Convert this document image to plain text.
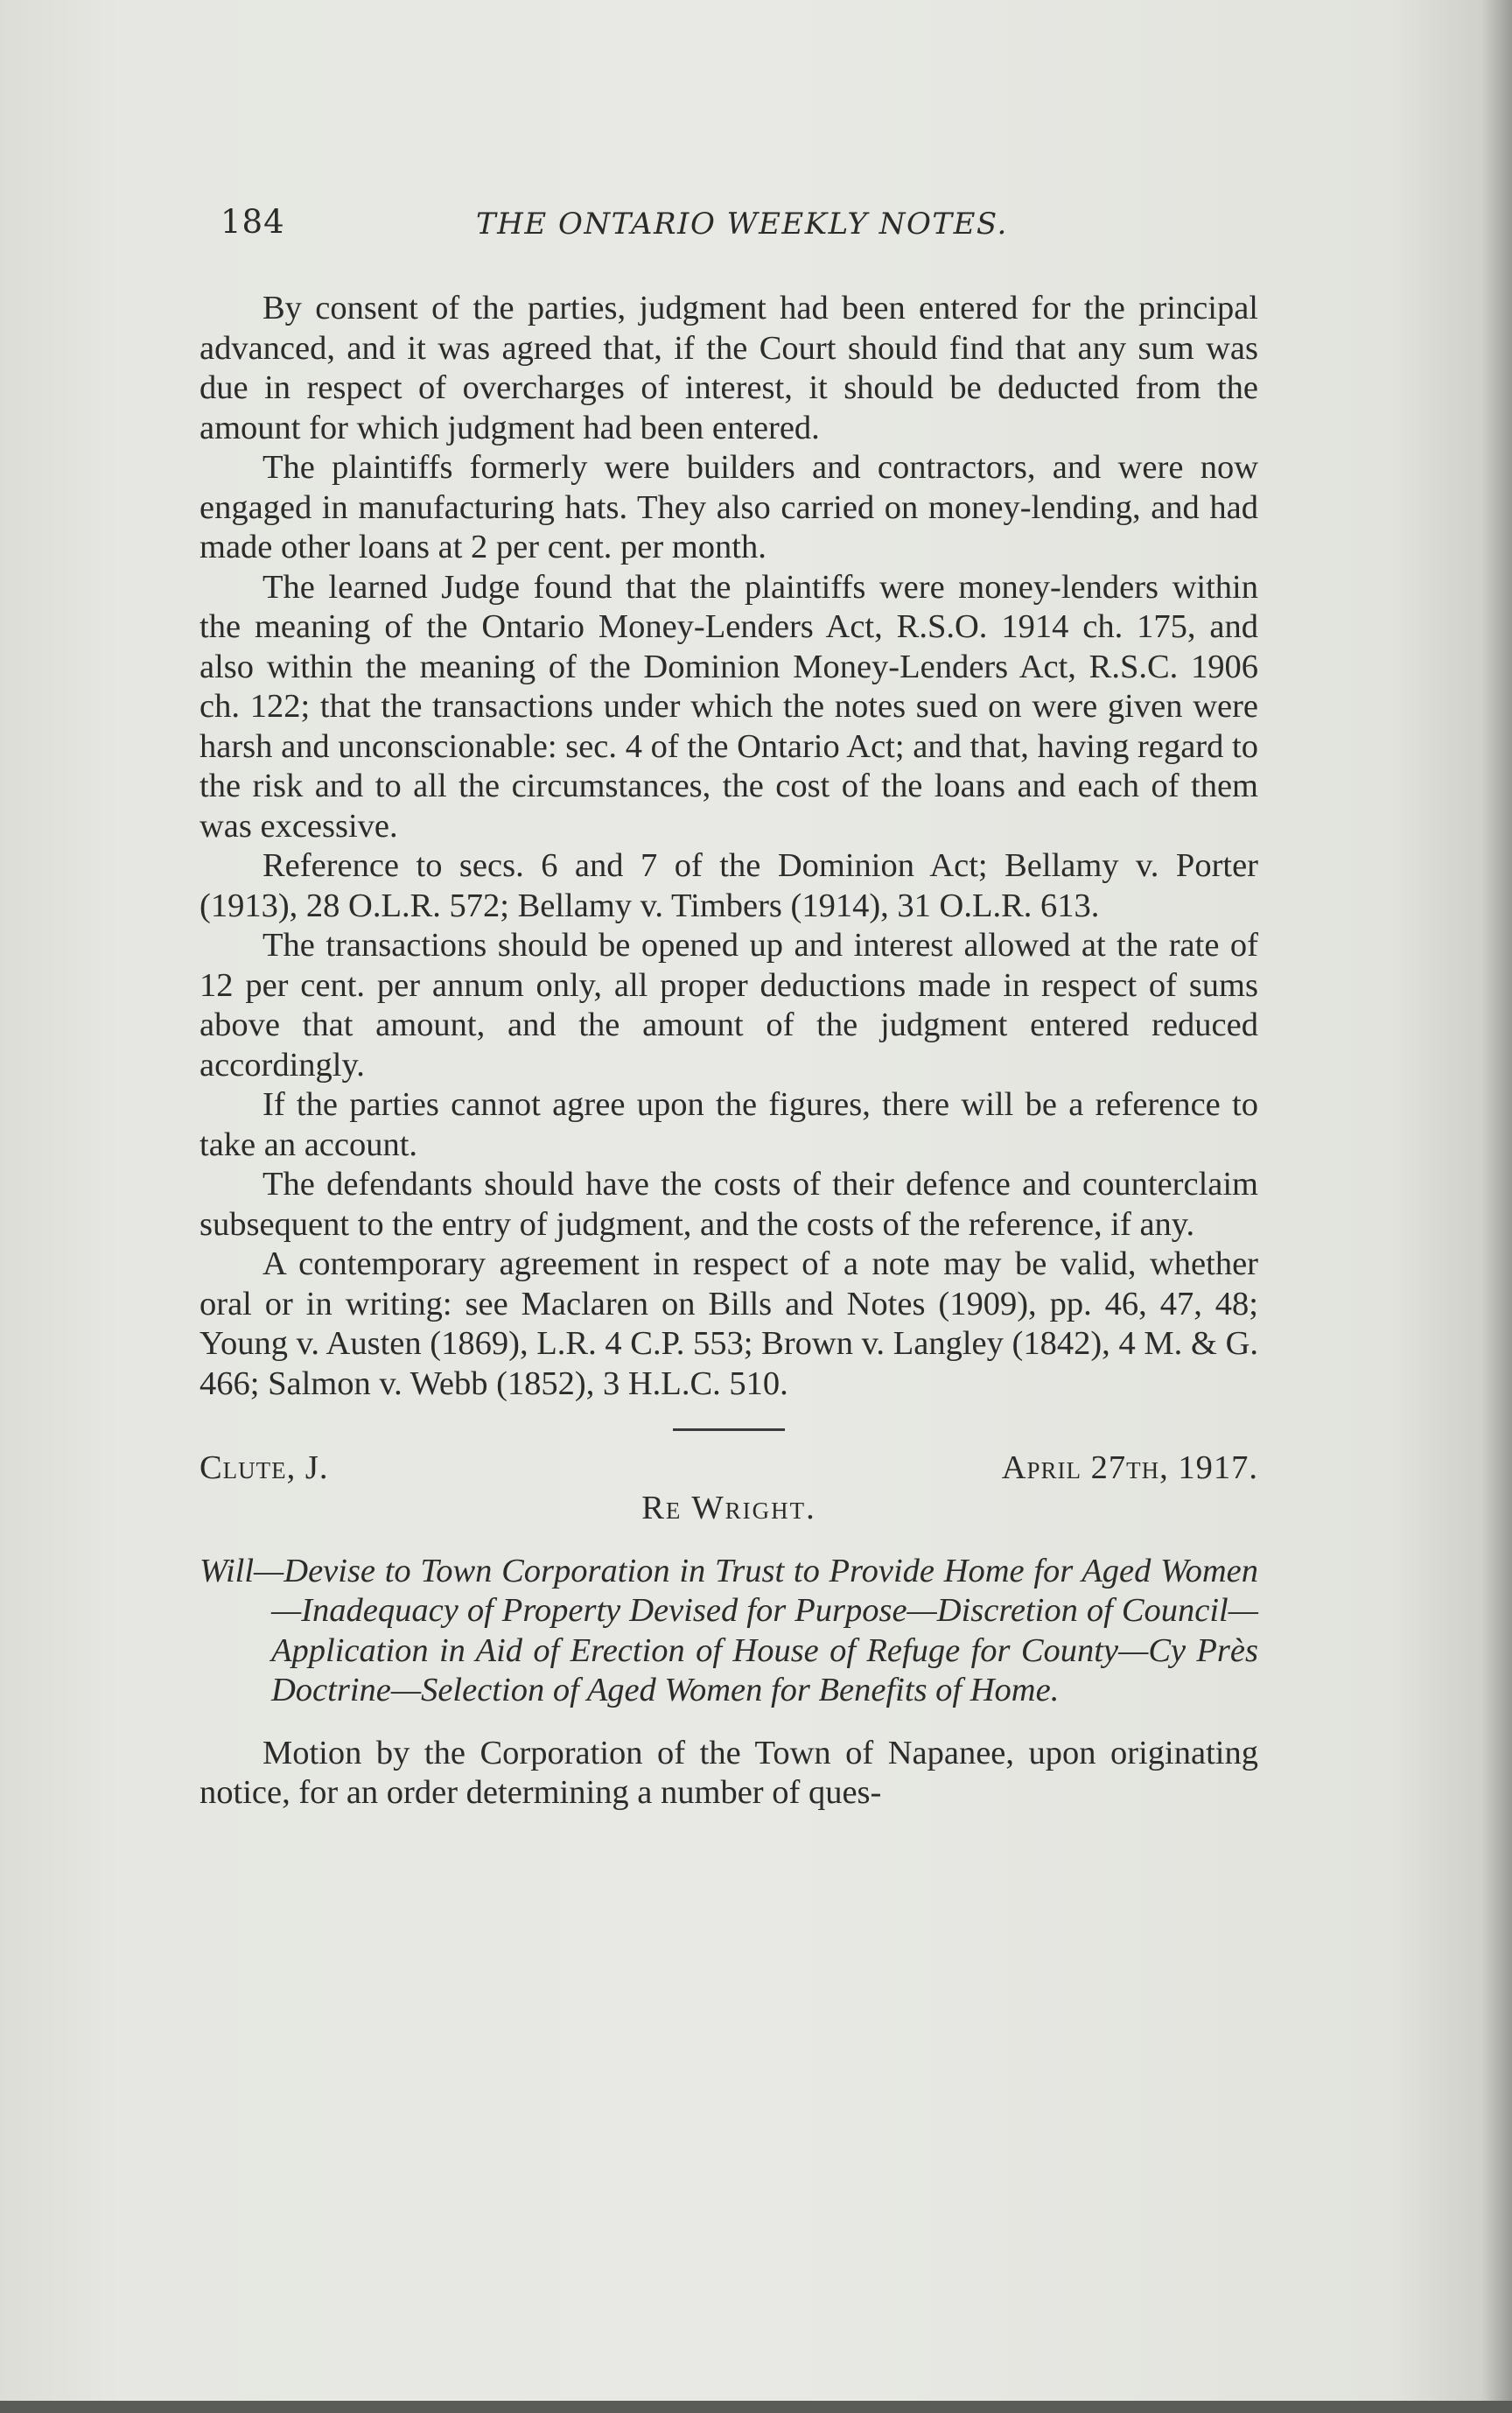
184	THE ONTARIO WEEKLY NOTES.

By consent of the parties, judgment had been entered for the principal advanced, and it was agreed that, if the Court should find that any sum was due in respect of overcharges of interest, it should be deducted from the amount for which judgment had been entered.

The plaintiffs formerly were builders and contractors, and were now engaged in manufacturing hats. They also carried on money-lending, and had made other loans at 2 per cent. per month.

The learned Judge found that the plaintiffs were money-lenders within the meaning of the Ontario Money-Lenders Act, R.S.O. 1914 ch. 175, and also within the meaning of the Dominion Money-Lenders Act, R.S.C. 1906 ch. 122; that the transactions under which the notes sued on were given were harsh and unconscionable: sec. 4 of the Ontario Act; and that, having regard to the risk and to all the circumstances, the cost of the loans and each of them was excessive.

Reference to secs. 6 and 7 of the Dominion Act; Bellamy v. Porter (1913), 28 O.L.R. 572; Bellamy v. Timbers (1914), 31 O.L.R. 613.

The transactions should be opened up and interest allowed at the rate of 12 per cent. per annum only, all proper deductions made in respect of sums above that amount, and the amount of the judgment entered reduced accordingly.

If the parties cannot agree upon the figures, there will be a reference to take an account.

The defendants should have the costs of their defence and counterclaim subsequent to the entry of judgment, and the costs of the reference, if any.

A contemporary agreement in respect of a note may be valid, whether oral or in writing: see Maclaren on Bills and Notes (1909), pp. 46, 47, 48; Young v. Austen (1869), L.R. 4 C.P. 553; Brown v. Langley (1842), 4 M. & G. 466; Salmon v. Webb (1852), 3 H.L.C. 510.

Clute, J.	April 27th, 1917.
Re Wright.
Will—Devise to Town Corporation in Trust to Provide Home for Aged Women—Inadequacy of Property Devised for Purpose—Discretion of Council—Application in Aid of Erection of House of Refuge for County—Cy Près Doctrine—Selection of Aged Women for Benefits of Home.

Motion by the Corporation of the Town of Napanee, upon originating notice, for an order determining a number of ques-
